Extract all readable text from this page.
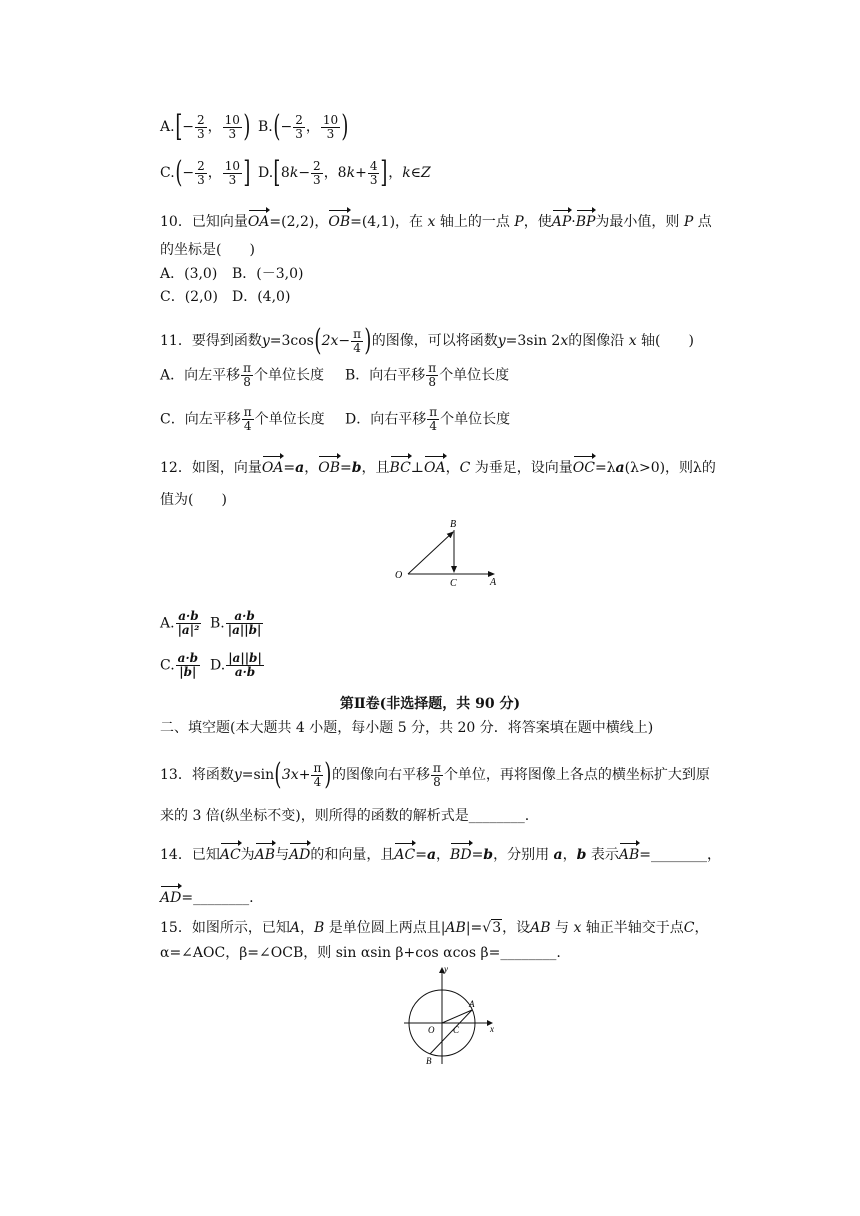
$A.[- \frac{2}{3}$ ， $\frac{10}{3}$ ) $B.(- \frac{2}{3}$ ， $\frac{10}{3}$ )
$C.(- \frac{2}{3}$ ， $\frac{10}{3}$ ] $D.[8k- \frac{2}{3}$ ，$8k+ \frac{4}{3}$ ]，k∈Z
10．已知向量OA=(2,2)，OB=(4,1)，在 x 轴上的一点 P，使AP·BP为最小值，则 P 点
的坐标是(　　)
A．(3,0) B．(－3,0)
C．(2,0) D．(4,0)
11．要得到函数$y=3\cos(2x- \frac{\pi}{4}$ )的图像，可以将函数y=3sin 2x的图像沿 x 轴(　　)
A．向左平移 $\frac{\pi}{8}$ 个单位长度 B．向右平移 $\frac{\pi}{8}$ 个单位长度
C．向左平移 $\frac{\pi}{4}$ 个单位长度 D．向右平移 $\frac{\pi}{4}$ 个单位长度
12．如图，向量OA=a，OB=b，且BC⊥OA，C 为垂足，设向量OC=λa(λ>0)，则λ的
值为(　　)
B
O
C	A
A. $\frac{a\cdot b}{\text{|a|²}} B$. $\frac{a\cdot b}{|a||b|}$
C. $\frac{a\cdot b}{|b|} D$. $\frac{|a||b|}{a\cdot b}$
第Ⅱ卷(非选择题，共 90 分)
二、填空题(本大题共 4 小题，每小题 5 分，共 20 分．将答案填在题中横线上)
13．将函数$y=\sin(3x+ \frac{\pi}{4}$ )的图像向右平移 $\frac{\pi}{8}$ 个单位，再将图像上各点的横坐标扩大到原
来的 3 倍(纵坐标不变)，则所得的函数的解析式是________.
14．已知AC为AB与AD的和向量，且AC=a，BD=b，分别用 a，b 表示AB=________，
AD=________.
15．如图所示，已知A，B 是单位圆上两点且|AB|=√3，设AB 与 x 轴正半轴交于点C，
α=∠AOC，β=∠OCB，则 sin αsin β+cos αcos β=________.
y
x
A
O C
B
